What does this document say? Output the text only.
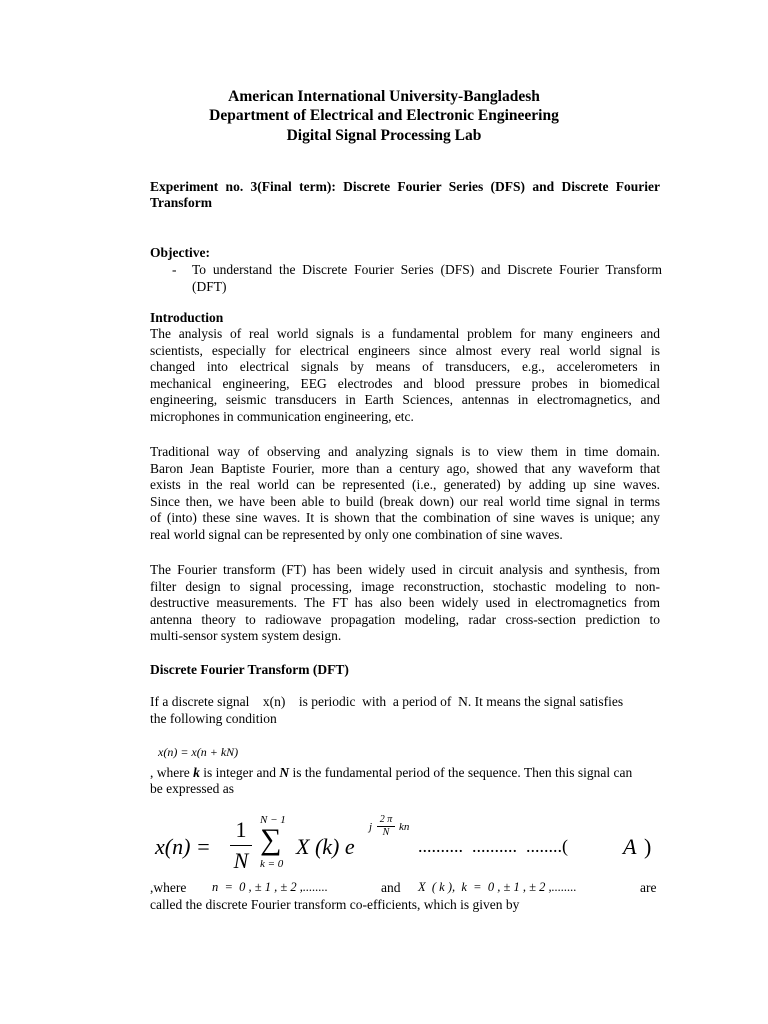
American International University-Bangladesh
Department of Electrical and Electronic Engineering
Digital Signal Processing Lab
Experiment no. 3(Final term): Discrete Fourier Series (DFS) and Discrete Fourier
Transform
Objective:
- To understand the Discrete Fourier Series (DFS) and Discrete Fourier Transform
(DFT)
Introduction
The analysis of real world signals is a fundamental problem for many engineers and
scientists, especially for electrical engineers since almost every real world signal is
changed into electrical signals by means of transducers, e.g., accelerometers in
mechanical engineering, EEG electrodes and blood pressure probes in biomedical
engineering, seismic transducers in Earth Sciences, antennas in electromagnetics, and
microphones in communication engineering, etc.
Traditional way of observing and analyzing signals is to view them in time domain.
Baron Jean Baptiste Fourier, more than a century ago, showed that any waveform that
exists in the real world can be represented (i.e., generated) by adding up sine waves.
Since then, we have been able to build (break down) our real world time signal in terms
of (into) these sine waves. It is shown that the combination of sine waves is unique; any
real world signal can be represented by only one combination of sine waves.
The Fourier transform (FT) has been widely used in circuit analysis and synthesis, from
filter design to signal processing, image reconstruction, stochastic modeling to non-
destructive measurements. The FT has also been widely used in electromagnetics from
antenna theory to radiowave propagation modeling, radar cross-section prediction to
multi-sensor system system design.
Discrete Fourier Transform (DFT)
If a discrete signal    x(n)    is periodic  with  a period of  N. It means the signal satisfies
the following condition
x(n) = x(n + kN)
, where k is integer and N is the fundamental period of the sequence. Then this signal can
be expressed as
x(n) =
1
N
N − 1
∑
k = 0
X (k) e
j
2 π
N kn
..........  ..........  ........(	A )
,where n  =  0 , ± 1 , ± 2 ,........	and X  ( k ),  k  =  0 , ± 1 , ± 2 ,........	are
called the discrete Fourier transform co-efficients, which is given by
